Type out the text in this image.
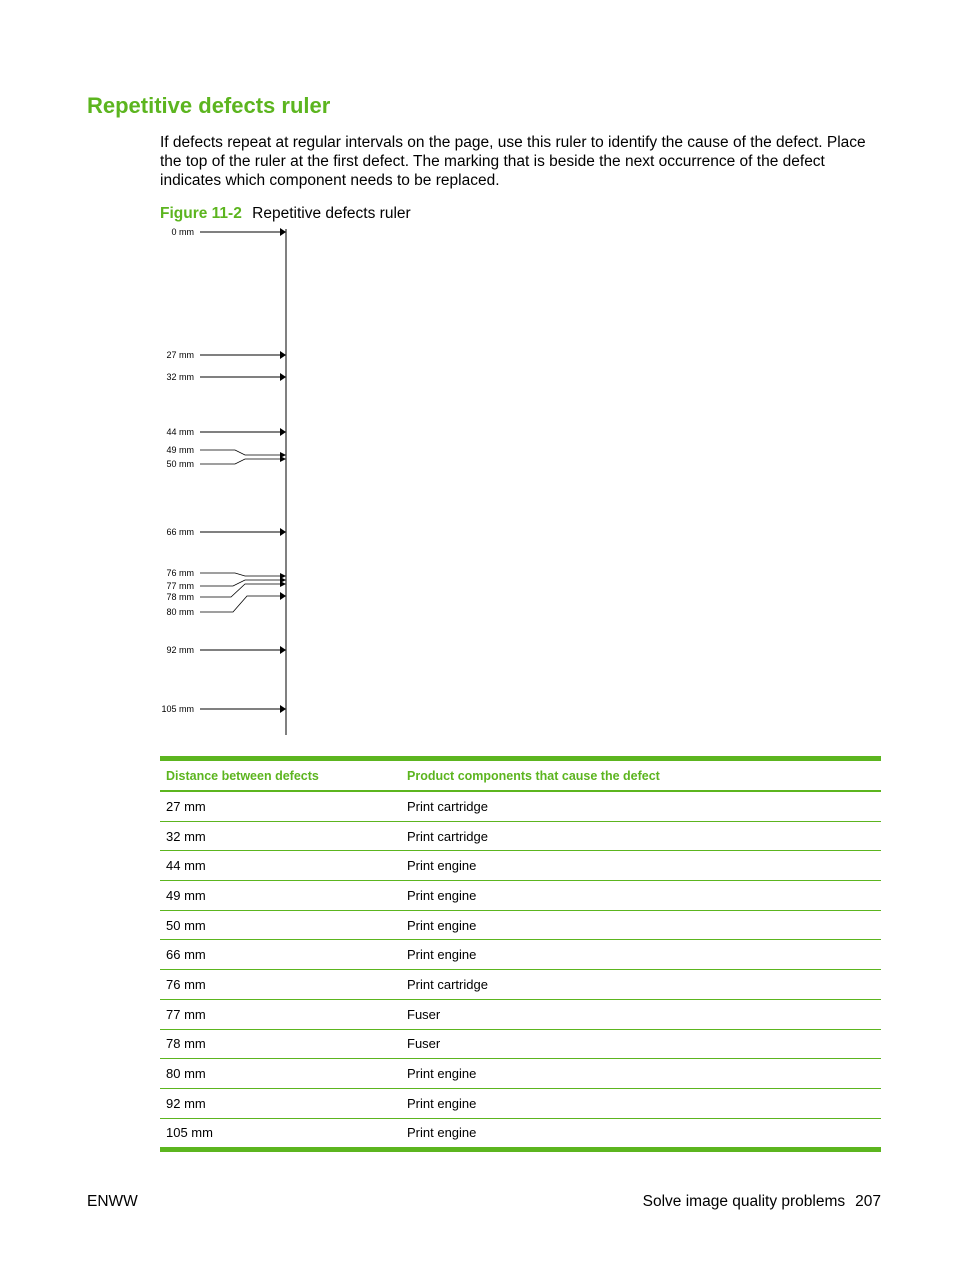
Repetitive defects ruler

If defects repeat at regular intervals on the page, use this ruler to identify the cause of the defect. Place the top of the ruler at the first defect. The marking that is beside the next occurrence of the defect indicates which component needs to be replaced.

Figure 11-2 Repetitive defects ruler
0 mm
27 mm
32 mm
44 mm
49 mm
50 mm
66 mm
76 mm
77 mm
78 mm
80 mm
92 mm
105 mm
Distance between defects	Product components that cause the defect
27 mm	Print cartridge
32 mm	Print cartridge
44 mm	Print engine
49 mm	Print engine
50 mm	Print engine
66 mm	Print engine
76 mm	Print cartridge
77 mm	Fuser
78 mm	Fuser
80 mm	Print engine
92 mm	Print engine
105 mm	Print engine
ENWW	Solve image quality problems 207
